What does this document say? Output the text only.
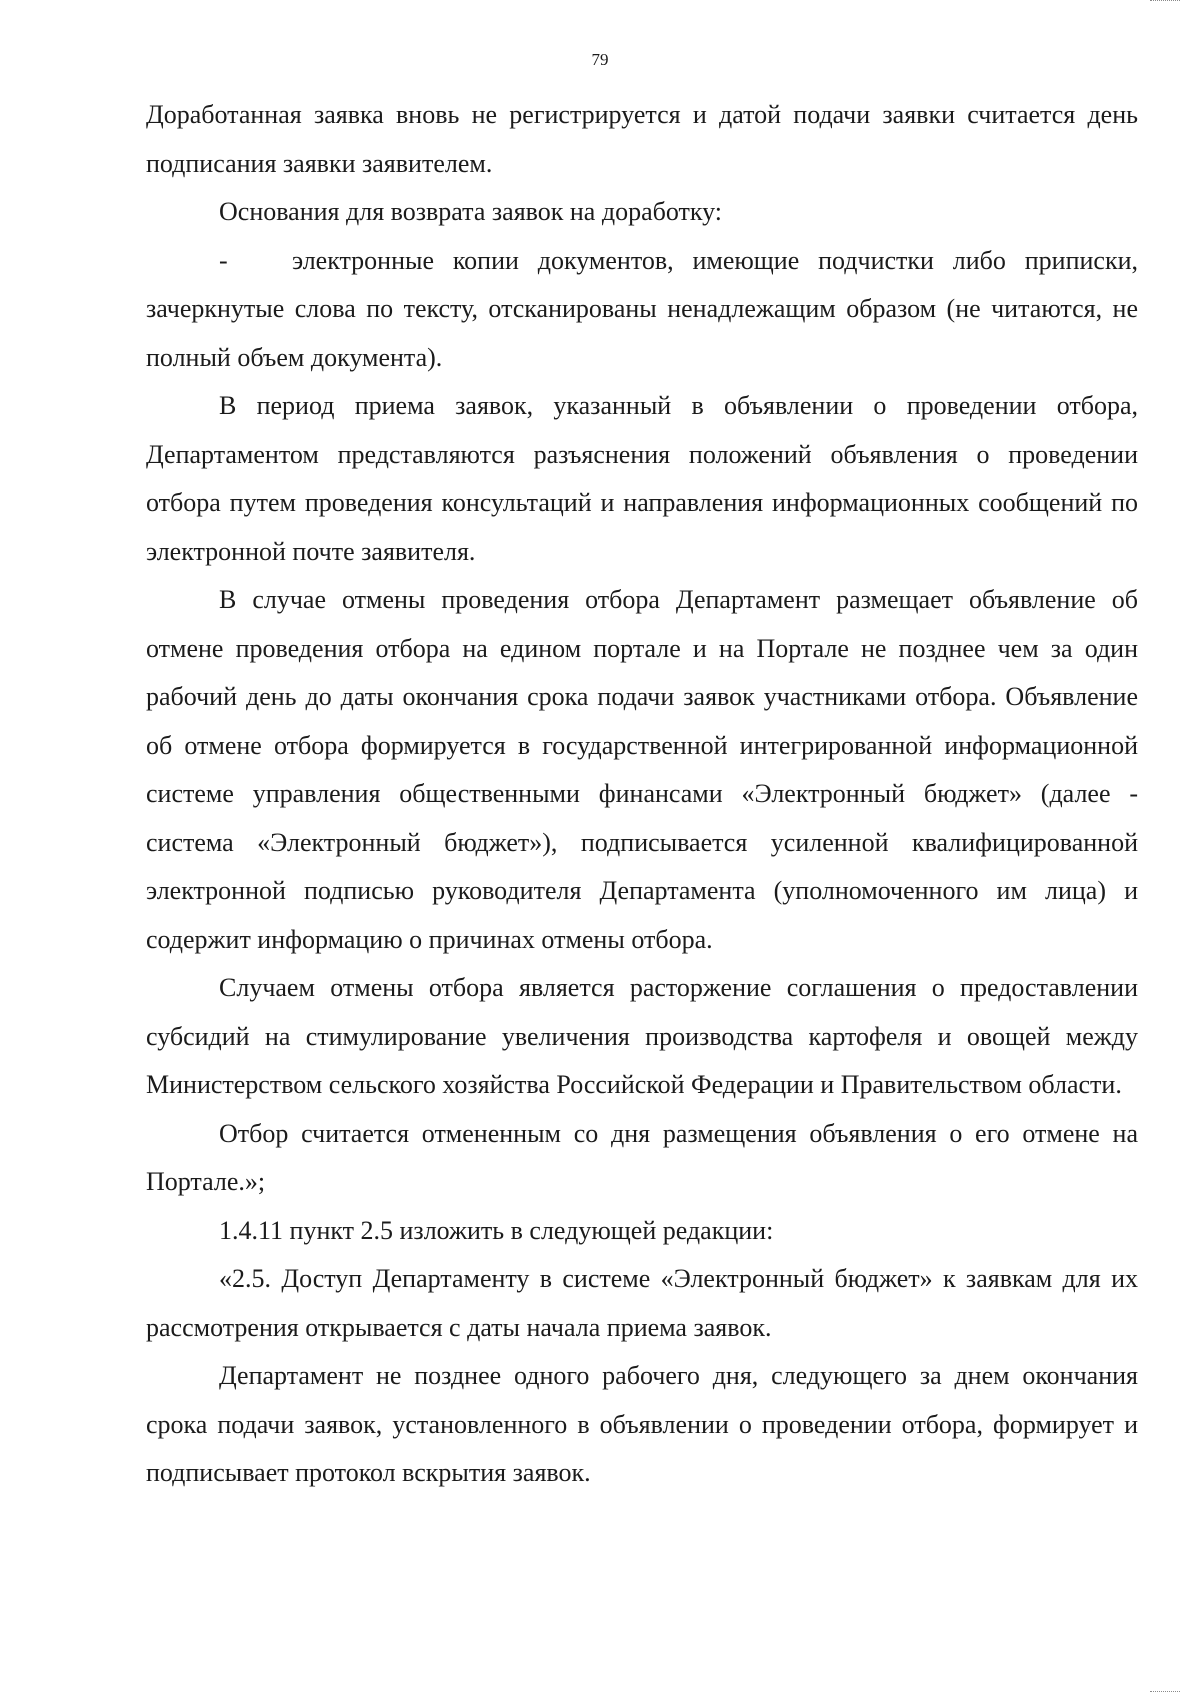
79

Доработанная заявка вновь не регистрируется и датой подачи заявки считается день подписания заявки заявителем.

Основания для возврата заявок на доработку:

- электронные копии документов, имеющие подчистки либо приписки, зачеркнутые слова по тексту, отсканированы ненадлежащим образом (не читаются, не полный объем документа).

В период приема заявок, указанный в объявлении о проведении отбора, Департаментом представляются разъяснения положений объявления о проведении отбора путем проведения консультаций и направления информационных сообщений по электронной почте заявителя.

В случае отмены проведения отбора Департамент размещает объявление об отмене проведения отбора на едином портале и на Портале не позднее чем за один рабочий день до даты окончания срока подачи заявок участниками отбора. Объявление об отмене отбора формируется в государственной интегрированной информационной системе управления общественными финансами «Электронный бюджет» (далее - система «Электронный бюджет»), подписывается усиленной квалифицированной электронной подписью руководителя Департамента (уполномоченного им лица) и содержит информацию о причинах отмены отбора.

Случаем отмены отбора является расторжение соглашения о предоставлении субсидий на стимулирование увеличения производства картофеля и овощей между Министерством сельского хозяйства Российской Федерации и Правительством области.

Отбор считается отмененным со дня размещения объявления о его отмене на Портале.»;

1.4.11 пункт 2.5 изложить в следующей редакции:

«2.5. Доступ Департаменту в системе «Электронный бюджет» к заявкам для их рассмотрения открывается с даты начала приема заявок.

Департамент не позднее одного рабочего дня, следующего за днем окончания срока подачи заявок, установленного в объявлении о проведении отбора, формирует и подписывает протокол вскрытия заявок.
